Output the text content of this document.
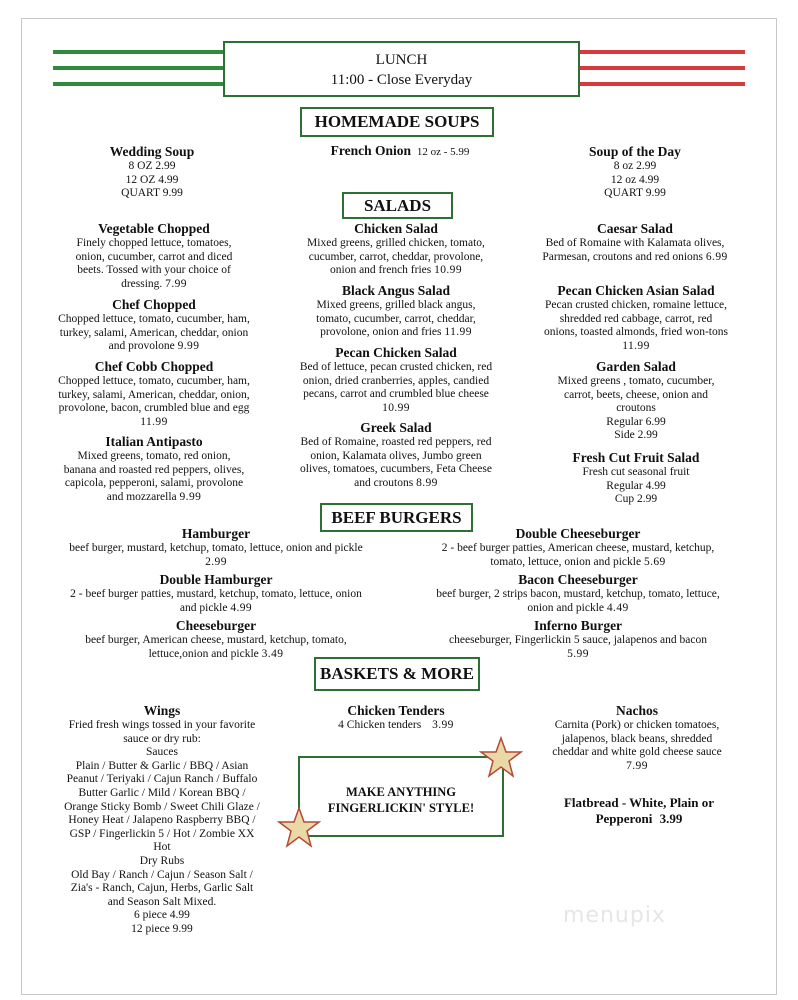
LUNCH
11:00 - Close Everyday
HOMEMADE SOUPS
Wedding Soup
8 OZ 2.99
12 OZ 4.99
QUART 9.99
French Onion 12 oz - 5.99	Soup of the Day
8 oz 2.99
12 oz 4.99
QUART 9.99
SALADS
Vegetable Chopped
Finely chopped lettuce, tomatoes, onion, cucumber, carrot and diced beets. Tossed with your choice of dressing. 7.99
Chef Chopped
Chopped lettuce, tomato, cucumber, ham, turkey, salami, American, cheddar, onion and provolone 9.99
Chef Cobb Chopped
Chopped lettuce, tomato, cucumber, ham, turkey, salami, American, cheddar, onion, provolone, bacon, crumbled blue and egg 11.99
Italian Antipasto
Mixed greens, tomato, red onion, banana and roasted red peppers, olives, capicola, pepperoni, salami, provolone and mozzarella 9.99
Chicken Salad
Mixed greens, grilled chicken, tomato, cucumber, carrot, cheddar, provolone, onion and french fries 10.99
Black Angus Salad
Mixed greens, grilled black angus, tomato, cucumber, carrot, cheddar, provolone, onion and fries 11.99
Pecan Chicken Salad
Bed of lettuce, pecan crusted chicken, red onion, dried cranberries, apples, candied pecans, carrot and crumbled blue cheese 10.99
Greek Salad
Bed of Romaine, roasted red peppers, red onion, Kalamata olives, Jumbo green olives, tomatoes, cucumbers, Feta Cheese and croutons 8.99
Caesar Salad
Bed of Romaine with Kalamata olives, Parmesan, croutons and red onions 6.99
Pecan Chicken Asian Salad
Pecan crusted chicken, romaine lettuce, shredded red cabbage, carrot, red onions, toasted almonds, fried won-tons 11.99
Garden Salad
Mixed greens , tomato, cucumber, carrot, beets, cheese, onion and croutons
Regular 6.99
Side 2.99
Fresh Cut Fruit Salad
Fresh cut seasonal fruit
Regular 4.99
Cup 2.99
BEEF BURGERS
Hamburger
beef burger, mustard, ketchup, tomato, lettuce, onion and pickle 2.99
Double Hamburger
2 - beef burger patties, mustard, ketchup, tomato, lettuce, onion and pickle 4.99
Cheeseburger
beef burger, American cheese, mustard, ketchup, tomato, lettuce,onion and pickle 3.49
Double Cheeseburger
2 - beef burger patties, American cheese, mustard, ketchup, tomato, lettuce, onion and pickle 5.69
Bacon Cheeseburger
beef burger, 2 strips bacon, mustard, ketchup, tomato, lettuce, onion and pickle 4.49
Inferno Burger
cheeseburger, Fingerlickin 5 sauce, jalapenos and bacon 5.99
BASKETS & MORE
Wings
Fried fresh wings tossed in your favorite sauce or dry rub:
Sauces
Plain / Butter & Garlic / BBQ / Asian Peanut / Teriyaki / Cajun Ranch / Buffalo Butter Garlic / Mild / Korean BBQ / Orange Sticky Bomb / Sweet Chili Glaze / Honey Heat / Jalapeno Raspberry BBQ / GSP / Fingerlickin 5 / Hot / Zombie XX Hot
Dry Rubs
Old Bay / Ranch / Cajun / Season Salt / Zia's - Ranch, Cajun, Herbs, Garlic Salt and Season Salt Mixed.
6 piece 4.99
12 piece 9.99
Chicken Tenders
4 Chicken tenders 3.99
Nachos
Carnita (Pork) or chicken tomatoes, jalapenos, black beans, shredded cheddar and white gold cheese sauce
7.99
Flatbread - White, Plain or Pepperoni 3.99
MAKE ANYTHING
FINGERLICKIN' STYLE!
menupix
